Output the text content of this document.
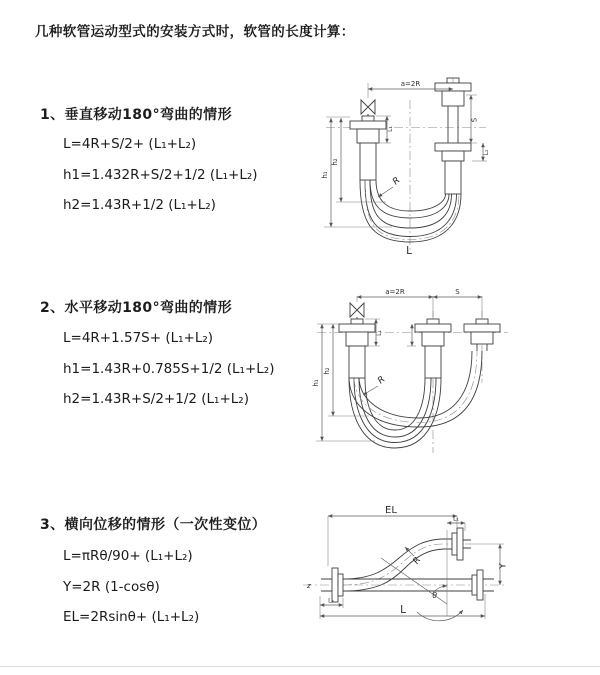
几种软管运动型式的安装方式时，软管的长度计算：
1、垂直移动180°弯曲的情形
L=4R+S/2+ (L₁+L₂)
h1=1.432R+S/2+1/2 (L₁+L₂)
h2=1.43R+1/2 (L₁+L₂)
2、水平移动180°弯曲的情形
L=4R+1.57S+ (L₁+L₂)
h1=1.43R+0.785S+1/2 (L₁+L₂)
h2=1.43R+S/2+1/2 (L₁+L₂)
3、横向位移的情形（一次性变位）
L=πRθ/90+ (L₁+L₂)
Y=2R (1-cosθ)
EL=2Rsinθ+ (L₁+L₂)
a=2R
S
L₂
h₁
h₂
L₁
R
L
a=2R	S
h₁
h₂
L₁
R
θ
R
z
EL
L₁
Y
L
L₂
